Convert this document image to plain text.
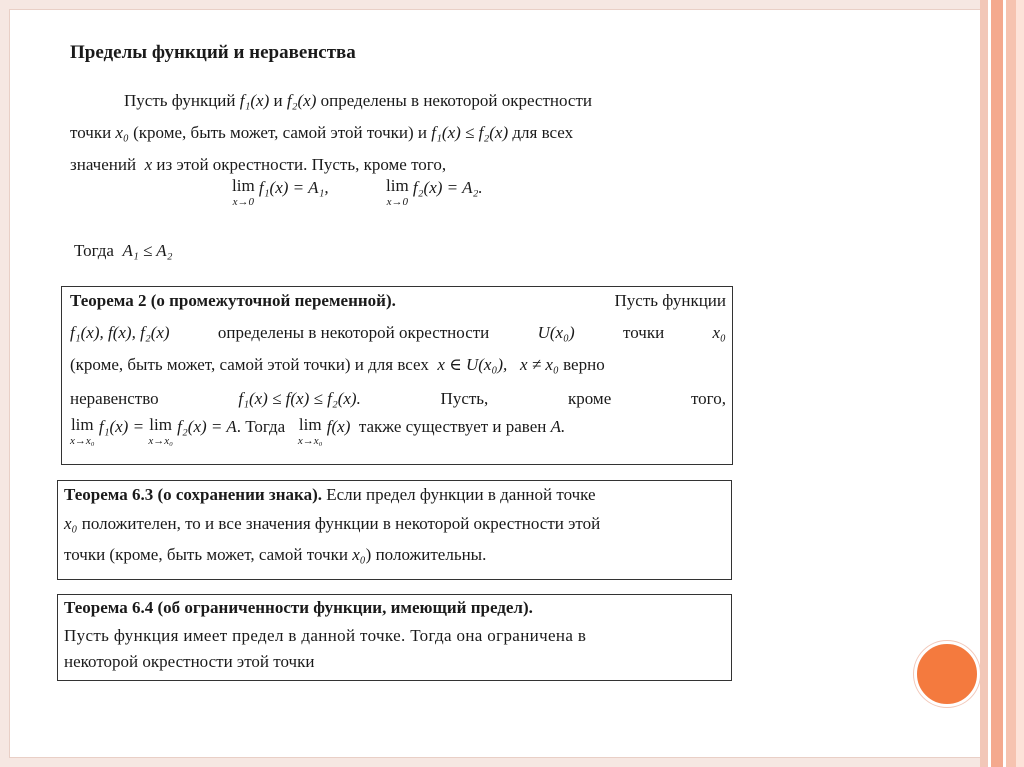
Пределы функций и неравенства
Пусть функций f₁(x) и f₂(x) определены в некоторой окрестности
точки x₀ (кроме, быть может, самой этой точки) и f₁(x) ≤ f₂(x) для всех
значений x из этой окрестности. Пусть, кроме того,
lim
x→0
f₁(x) = A₁,	lim
x→0
f₂(x) = A₂.
Тогда A₁ ≤ A₂
Теорема 2 (о промежуточной переменной).	Пусть функции
f₁(x), f(x), f₂(x)	определены в некоторой окрестности	U(x₀)	точки	x₀
(кроме, быть может, самой этой точки) и для всех x ∈ U(x₀), x ≠ x₀ верно
неравенство	f₁(x) ≤ f(x) ≤ f₂(x).	Пусть,	кроме	того,
lim
x→x₀
f₁(x) = lim
x→x₀
f₂(x) = A. Тогда lim
x→x₀
f(x) также существует и равен A.
Теорема 6.3 (о сохранении знака). Если предел функции в данной точке
x₀ положителен, то и все значения функции в некоторой окрестности этой
точки (кроме, быть может, самой точки x₀) положительны.
Теорема 6.4 (об ограниченности функции, имеющий предел).
Пусть функция имеет предел в данной точке. Тогда она ограничена в
некоторой окрестности этой точки
